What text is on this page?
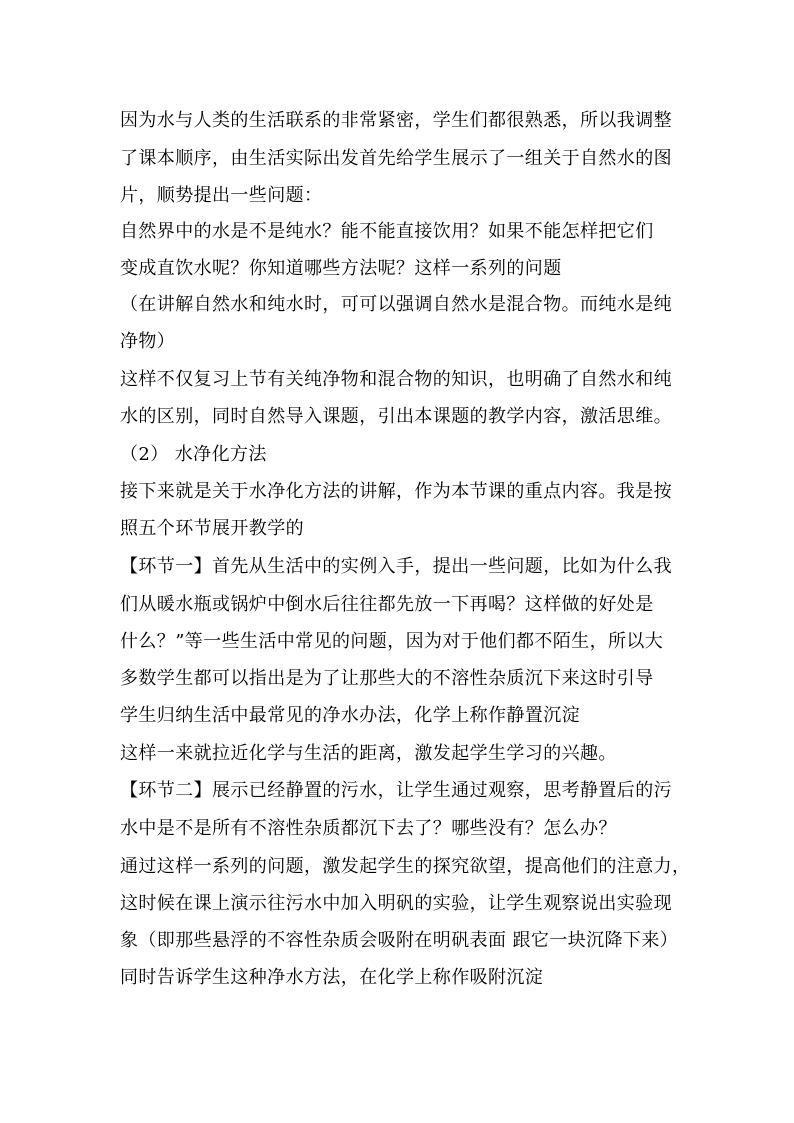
因为水与人类的生活联系的非常紧密，学生们都很熟悉，所以我调整
了课本顺序，由生活实际出发首先给学生展示了一组关于自然水的图
片，顺势提出一些问题：
自然界中的水是不是纯水？能不能直接饮用？如果不能怎样把它们
变成直饮水呢？你知道哪些方法呢？这样一系列的问题
（在讲解自然水和纯水时，可可以强调自然水是混合物。而纯水是纯
净物）
这样不仅复习上节有关纯净物和混合物的知识，也明确了自然水和纯
水的区别，同时自然导入课题，引出本课题的教学内容，激活思维。
（2） 水净化方法
接下来就是关于水净化方法的讲解，作为本节课的重点内容。我是按
照五个环节展开教学的
【环节一】首先从生活中的实例入手，提出一些问题，比如为什么我
们从暖水瓶或锅炉中倒水后往往都先放一下再喝？这样做的好处是
什么？”等一些生活中常见的问题，因为对于他们都不陌生，所以大
多数学生都可以指出是为了让那些大的不溶性杂质沉下来这时引导
学生归纳生活中最常见的净水办法，化学上称作静置沉淀
这样一来就拉近化学与生活的距离，激发起学生学习的兴趣。
【环节二】展示已经静置的污水，让学生通过观察，思考静置后的污
水中是不是所有不溶性杂质都沉下去了？哪些没有？怎么办？
通过这样一系列的问题，激发起学生的探究欲望，提高他们的注意力，
这时候在课上演示往污水中加入明矾的实验，让学生观察说出实验现
象（即那些悬浮的不容性杂质会吸附在明矾表面 跟它一块沉降下来）
同时告诉学生这种净水方法，在化学上称作吸附沉淀
